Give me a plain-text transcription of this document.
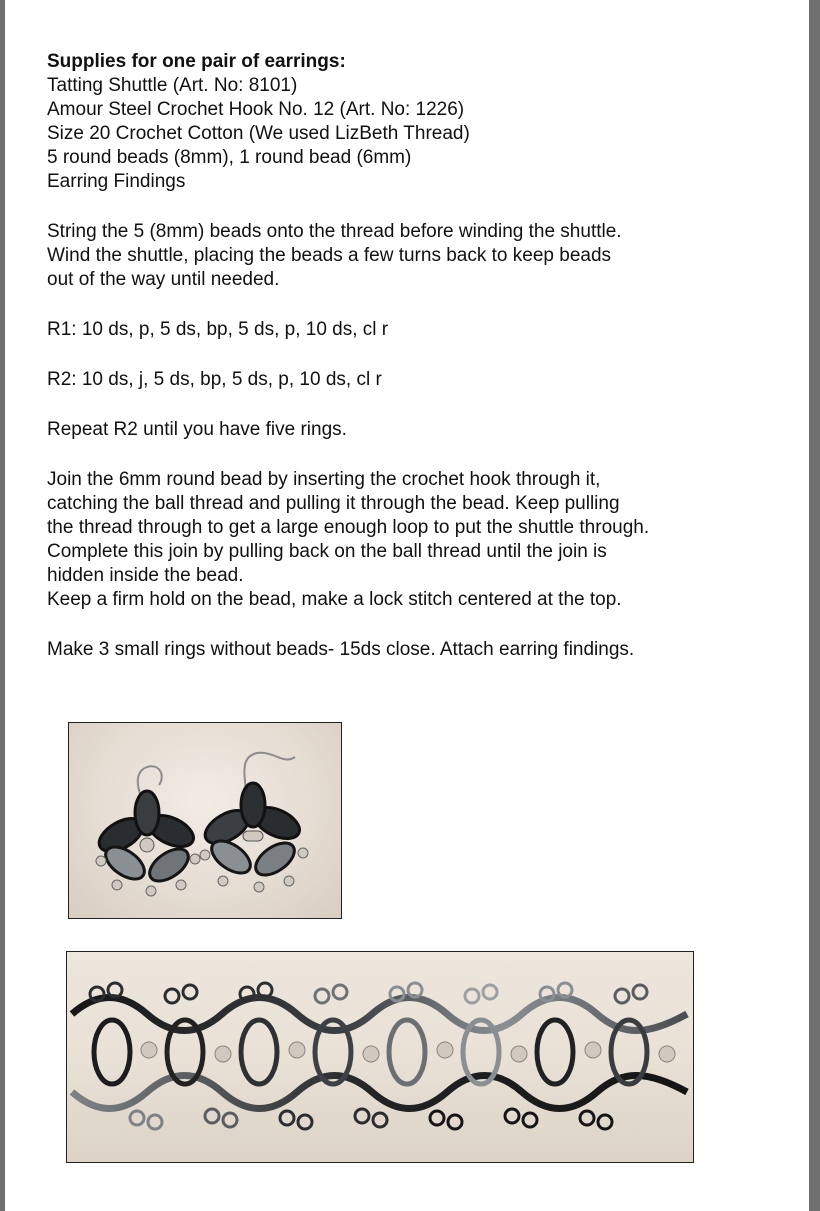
Supplies for one pair of earrings:
Tatting Shuttle (Art. No: 8101)
Amour Steel Crochet Hook No. 12 (Art. No: 1226)
Size 20 Crochet Cotton (We used LizBeth Thread)
5 round beads (8mm), 1 round bead (6mm)
Earring Findings

String the 5 (8mm) beads onto the thread before winding the shuttle.
Wind the shuttle, placing the beads a few turns back to keep beads
out of the way until needed.

R1: 10 ds, p, 5 ds, bp, 5 ds, p, 10 ds, cl r

R2: 10 ds, j, 5 ds, bp, 5 ds, p, 10 ds, cl r

Repeat R2 until you have five rings.

Join the 6mm round bead by inserting the crochet hook through it,
catching the ball thread and pulling it through the bead. Keep pulling
the thread through to get a large enough loop to put the shuttle through.
Complete this join by pulling back on the ball thread until the join is
hidden inside the bead.
Keep a firm hold on the bead, make a lock stitch centered at the top.

Make 3 small rings without beads- 15ds close. Attach earring findings.
